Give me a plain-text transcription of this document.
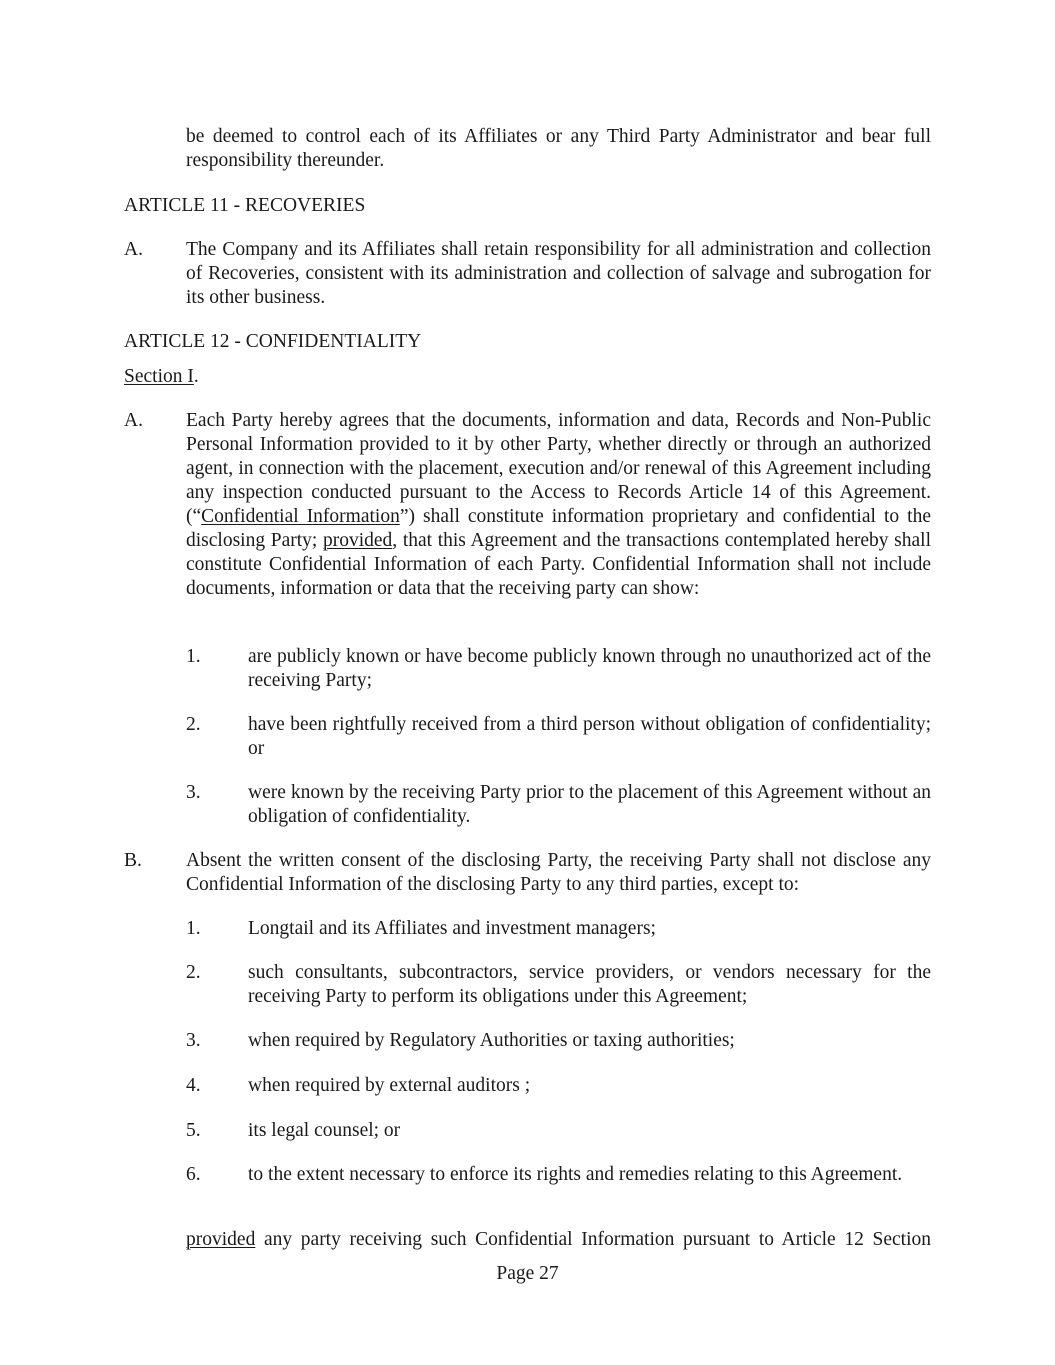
be deemed to control each of its Affiliates or any Third Party Administrator and bear full responsibility thereunder.

ARTICLE 11 - RECOVERIES

A. The Company and its Affiliates shall retain responsibility for all administration and collection of Recoveries, consistent with its administration and collection of salvage and subrogation for its other business.

ARTICLE 12 - CONFIDENTIALITY

Section I.

A. Each Party hereby agrees that the documents, information and data, Records and Non-Public Personal Information provided to it by other Party, whether directly or through an authorized agent, in connection with the placement, execution and/or renewal of this Agreement including any inspection conducted pursuant to the Access to Records Article 14 of this Agreement. (“Confidential Information”) shall constitute information proprietary and confidential to the disclosing Party; provided, that this Agreement and the transactions contemplated hereby shall constitute Confidential Information of each Party. Confidential Information shall not include documents, information or data that the receiving party can show:

1. are publicly known or have become publicly known through no unauthorized act of the receiving Party;

2. have been rightfully received from a third person without obligation of confidentiality; or

3. were known by the receiving Party prior to the placement of this Agreement without an obligation of confidentiality.

B. Absent the written consent of the disclosing Party, the receiving Party shall not disclose any Confidential Information of the disclosing Party to any third parties, except to:

1. Longtail and its Affiliates and investment managers;

2. such consultants, subcontractors, service providers, or vendors necessary for the receiving Party to perform its obligations under this Agreement;

3. when required by Regulatory Authorities or taxing authorities;

4. when required by external auditors ;

5. its legal counsel; or

6. to the extent necessary to enforce its rights and remedies relating to this Agreement.

provided any party receiving such Confidential Information pursuant to Article 12 Section

Page 27
